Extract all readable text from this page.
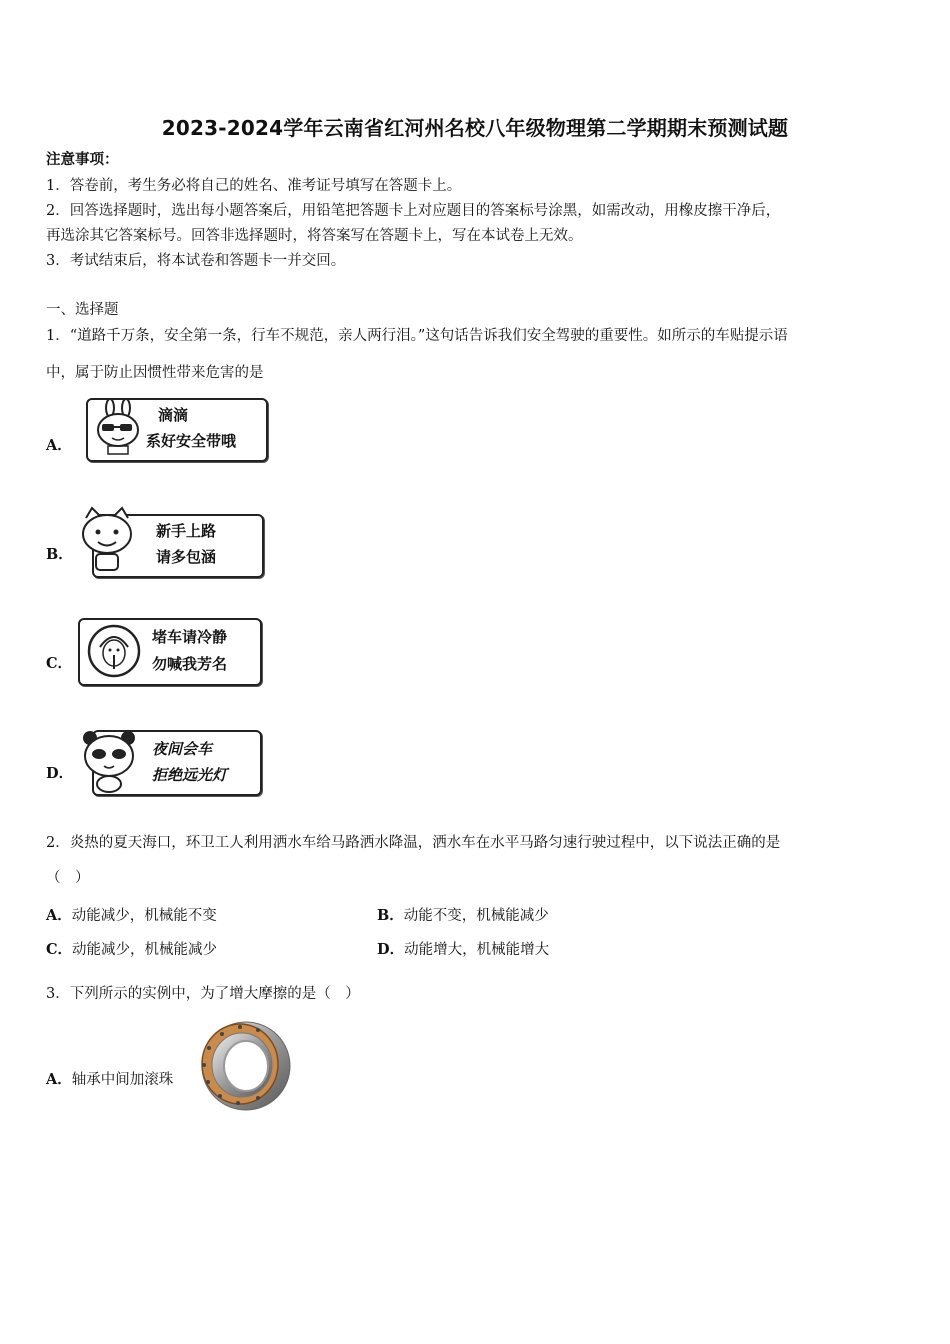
2023-2024学年云南省红河州名校八年级物理第二学期期末预测试题
注意事项：
1．答卷前，考生务必将自己的姓名、准考证号填写在答题卡上。
2．回答选择题时，选出每小题答案后，用铅笔把答题卡上对应题目的答案标号涂黑，如需改动，用橡皮擦干净后，
再选涂其它答案标号。回答非选择题时，将答案写在答题卡上，写在本试卷上无效。
3．考试结束后，将本试卷和答题卡一并交回。
一、选择题
1．“道路千万条，安全第一条，行车不规范，亲人两行泪。”这句话告诉我们安全驾驶的重要性。如所示的车贴提示语
中，属于防止因惯性带来危害的是
A．
滴滴
系好安全带哦
B．
新手上路
请多包涵
C．
堵车请冷静
勿喊我芳名
D．
夜间会车
拒绝远光灯
2．炎热的夏天海口，环卫工人利用洒水车给马路洒水降温，洒水车在水平马路匀速行驶过程中，以下说法正确的是
（　）
A．动能减少，机械能不变	B．动能不变，机械能减少
C．动能减少，机械能减少	D．动能增大，机械能增大
3．下列所示的实例中，为了增大摩擦的是（　）
A．轴承中间加滚珠
